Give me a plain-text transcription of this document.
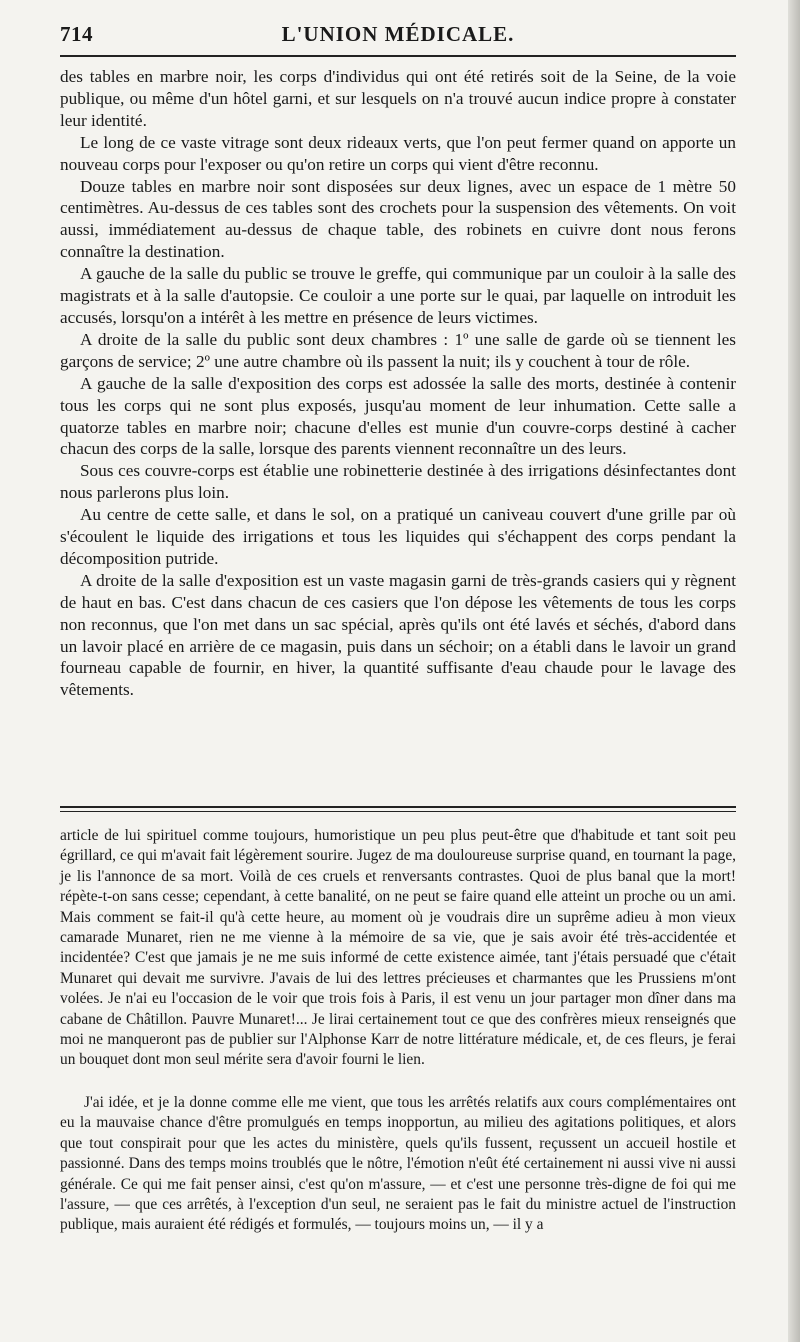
714	L'UNION MÉDICALE.

des tables en marbre noir, les corps d'individus qui ont été retirés soit de la Seine, de la voie publique, ou même d'un hôtel garni, et sur lesquels on n'a trouvé aucun indice propre à constater leur identité.

Le long de ce vaste vitrage sont deux rideaux verts, que l'on peut fermer quand on apporte un nouveau corps pour l'exposer ou qu'on retire un corps qui vient d'être reconnu.

Douze tables en marbre noir sont disposées sur deux lignes, avec un espace de 1 mètre 50 centimètres. Au-dessus de ces tables sont des crochets pour la suspension des vêtements. On voit aussi, immédiatement au-dessus de chaque table, des robinets en cuivre dont nous ferons connaître la destination.

A gauche de la salle du public se trouve le greffe, qui communique par un couloir à la salle des magistrats et à la salle d'autopsie. Ce couloir a une porte sur le quai, par laquelle on introduit les accusés, lorsqu'on a intérêt à les mettre en présence de leurs victimes.

A droite de la salle du public sont deux chambres : 1º une salle de garde où se tiennent les garçons de service; 2º une autre chambre où ils passent la nuit; ils y couchent à tour de rôle.

A gauche de la salle d'exposition des corps est adossée la salle des morts, destinée à contenir tous les corps qui ne sont plus exposés, jusqu'au moment de leur inhumation. Cette salle a quatorze tables en marbre noir; chacune d'elles est munie d'un couvre-corps destiné à cacher chacun des corps de la salle, lorsque des parents viennent reconnaître un des leurs.

Sous ces couvre-corps est établie une robinetterie destinée à des irrigations désinfectantes dont nous parlerons plus loin.

Au centre de cette salle, et dans le sol, on a pratiqué un caniveau couvert d'une grille par où s'écoulent le liquide des irrigations et tous les liquides qui s'échappent des corps pendant la décomposition putride.

A droite de la salle d'exposition est un vaste magasin garni de très-grands casiers qui y règnent de haut en bas. C'est dans chacun de ces casiers que l'on dépose les vêtements de tous les corps non reconnus, que l'on met dans un sac spécial, après qu'ils ont été lavés et séchés, d'abord dans un lavoir placé en arrière de ce magasin, puis dans un séchoir; on a établi dans le lavoir un grand fourneau capable de fournir, en hiver, la quantité suffisante d'eau chaude pour le lavage des vêtements.

article de lui spirituel comme toujours, humoristique un peu plus peut-être que d'habitude et tant soit peu égrillard, ce qui m'avait fait légèrement sourire. Jugez de ma douloureuse surprise quand, en tournant la page, je lis l'annonce de sa mort. Voilà de ces cruels et renversants contrastes. Quoi de plus banal que la mort! répète-t-on sans cesse; cependant, à cette banalité, on ne peut se faire quand elle atteint un proche ou un ami. Mais comment se fait-il qu'à cette heure, au moment où je voudrais dire un suprême adieu à mon vieux camarade Munaret, rien ne me vienne à la mémoire de sa vie, que je sais avoir été très-accidentée et incidentée? C'est que jamais je ne me suis informé de cette existence aimée, tant j'étais persuadé que c'était Munaret qui devait me survivre. J'avais de lui des lettres précieuses et charmantes que les Prussiens m'ont volées. Je n'ai eu l'occasion de le voir que trois fois à Paris, il est venu un jour partager mon dîner dans ma cabane de Châtillon. Pauvre Munaret!... Je lirai certainement tout ce que des confrères mieux renseignés que moi ne manqueront pas de publier sur l'Alphonse Karr de notre littérature médicale, et, de ces fleurs, je ferai un bouquet dont mon seul mérite sera d'avoir fourni le lien.

J'ai idée, et je la donne comme elle me vient, que tous les arrêtés relatifs aux cours complémentaires ont eu la mauvaise chance d'être promulgués en temps inopportun, au milieu des agitations politiques, et alors que tout conspirait pour que les actes du ministère, quels qu'ils fussent, reçussent un accueil hostile et passionné. Dans des temps moins troublés que le nôtre, l'émotion n'eût été certainement ni aussi vive ni aussi générale. Ce qui me fait penser ainsi, c'est qu'on m'assure, — et c'est une personne très-digne de foi qui me l'assure, — que ces arrêtés, à l'exception d'un seul, ne seraient pas le fait du ministre actuel de l'instruction publique, mais auraient été rédigés et formulés, — toujours moins un, — il y a
